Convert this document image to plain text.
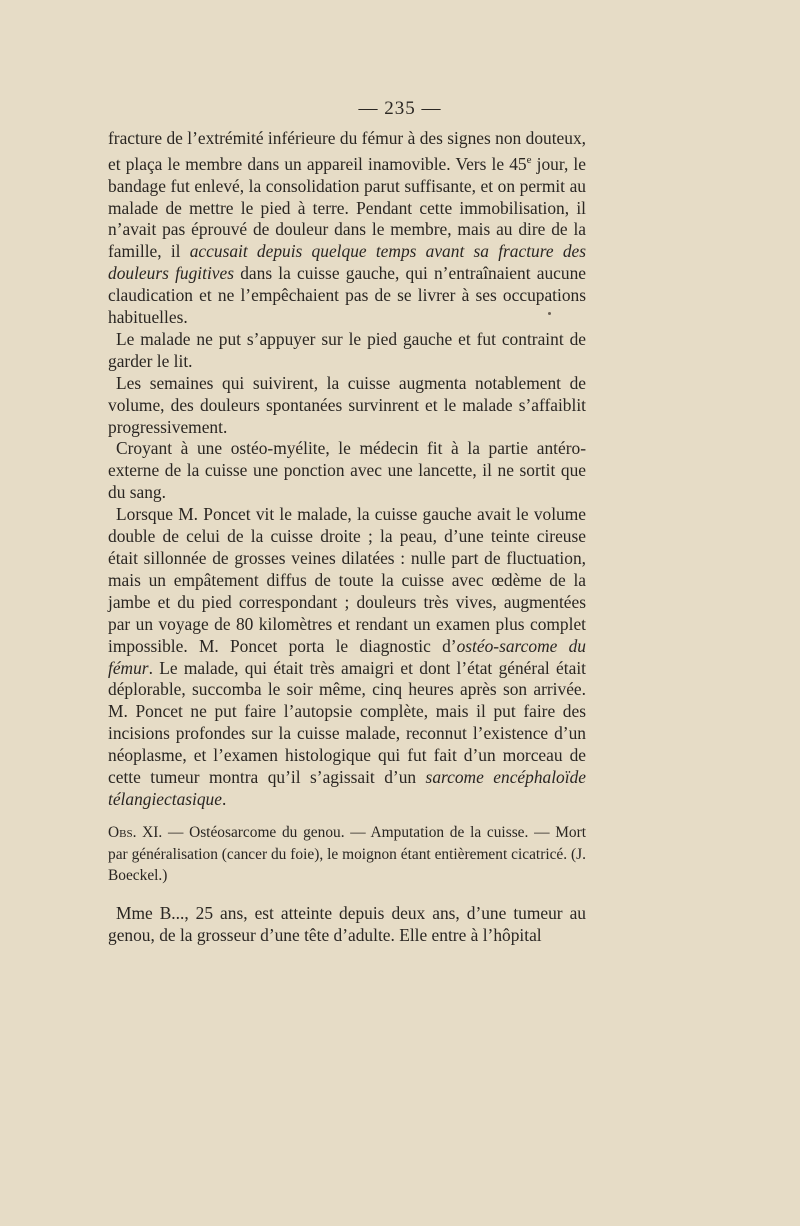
— 235 —

fracture de l’extrémité inférieure du fémur à des signes non douteux, et plaça le membre dans un appareil inamovible. Vers le 45e jour, le bandage fut enlevé, la consolidation parut suffisante, et on permit au malade de mettre le pied à terre. Pendant cette immobilisation, il n’avait pas éprouvé de douleur dans le membre, mais au dire de la famille, il accusait depuis quelque temps avant sa fracture des douleurs fugitives dans la cuisse gauche, qui n’entraînaient aucune claudication et ne l’empêchaient pas de se livrer à ses occupations habituelles.

Le malade ne put s’appuyer sur le pied gauche et fut contraint de garder le lit.

Les semaines qui suivirent, la cuisse augmenta notablement de volume, des douleurs spontanées survinrent et le malade s’affaiblit progressivement.

Croyant à une ostéo-myélite, le médecin fit à la partie antéro-externe de la cuisse une ponction avec une lancette, il ne sortit que du sang.

Lorsque M. Poncet vit le malade, la cuisse gauche avait le volume double de celui de la cuisse droite ; la peau, d’une teinte cireuse était sillonnée de grosses veines dilatées : nulle part de fluctuation, mais un empâtement diffus de toute la cuisse avec œdème de la jambe et du pied correspondant ; douleurs très vives, augmentées par un voyage de 80 kilomètres et rendant un examen plus complet impossible. M. Poncet porta le diagnostic d’ostéo-sarcome du fémur. Le malade, qui était très amaigri et dont l’état général était déplorable, succomba le soir même, cinq heures après son arrivée. M. Poncet ne put faire l’autopsie complète, mais il put faire des incisions profondes sur la cuisse malade, reconnut l’existence d’un néoplasme, et l’examen histologique qui fut fait d’un morceau de cette tumeur montra qu’il s’agissait d’un sarcome encéphaloïde télangiectasique.

Obs. XI. — Ostéosarcome du genou. — Amputation de la cuisse. — Mort par généralisation (cancer du foie), le moignon étant entièrement cicatricé. (J. Boeckel.)

Mme B..., 25 ans, est atteinte depuis deux ans, d’une tumeur au genou, de la grosseur d’une tête d’adulte. Elle entre à l’hôpital
